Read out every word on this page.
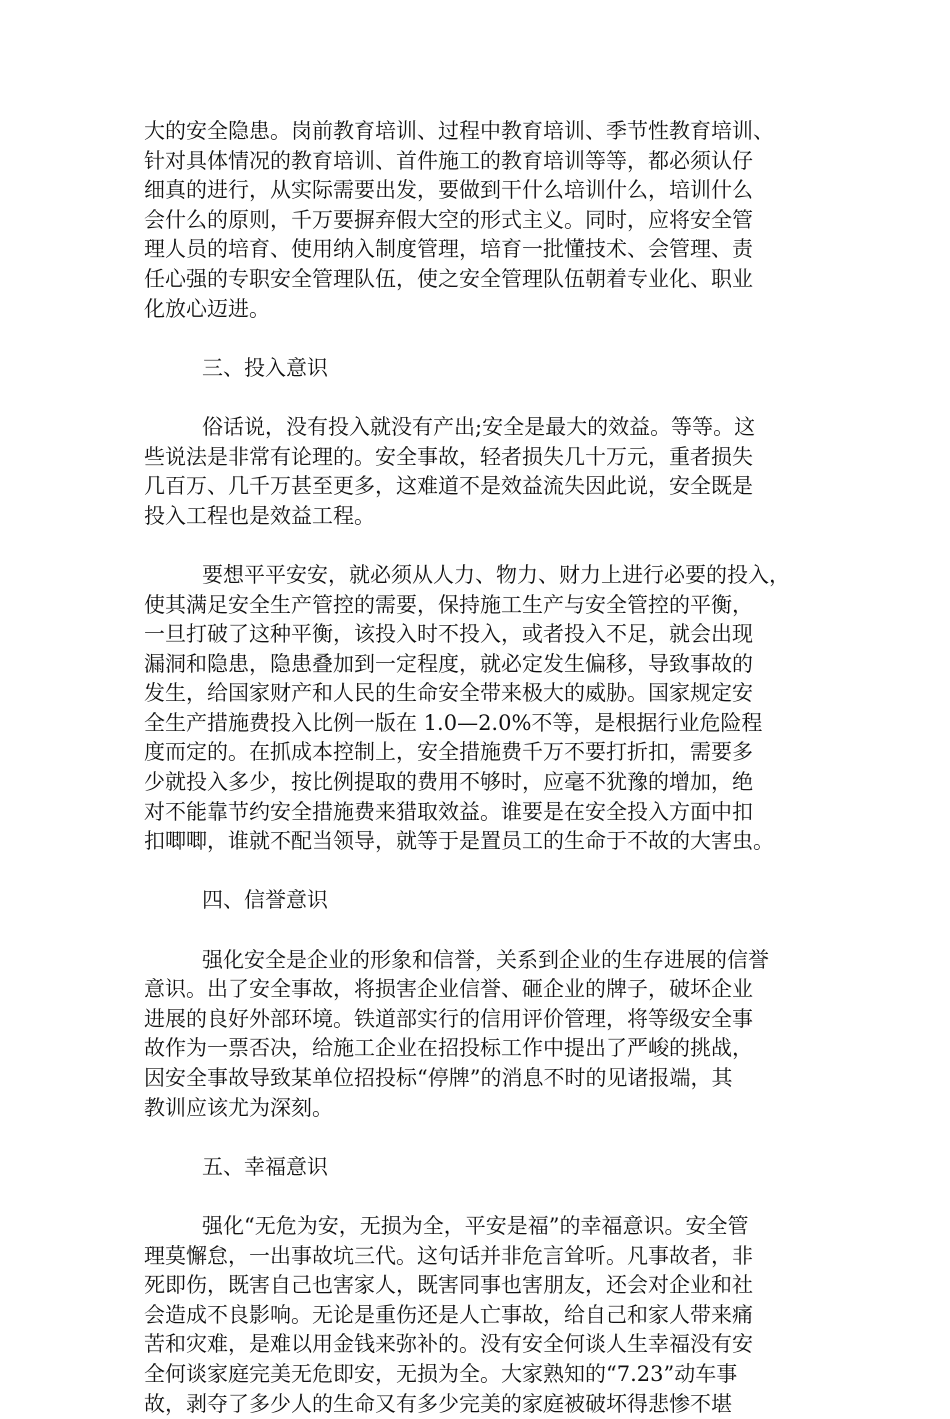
大的安全隐患。岗前教育培训、过程中教育培训、季节性教育培训、
针对具体情况的教育培训、首件施工的教育培训等等，都必须认仔
细真的进行，从实际需要出发，要做到干什么培训什么，培训什么
会什么的原则，千万要摒弃假大空的形式主义。同时，应将安全管
理人员的培育、使用纳入制度管理，培育一批懂技术、会管理、责
任心强的专职安全管理队伍，使之安全管理队伍朝着专业化、职业
化放心迈进。
三、投入意识
俗话说，没有投入就没有产出;安全是最大的效益。等等。这
些说法是非常有论理的。安全事故，轻者损失几十万元，重者损失
几百万、几千万甚至更多，这难道不是效益流失因此说，安全既是
投入工程也是效益工程。
要想平平安安，就必须从人力、物力、财力上进行必要的投入，
使其满足安全生产管控的需要，保持施工生产与安全管控的平衡，
一旦打破了这种平衡，该投入时不投入，或者投入不足，就会出现
漏洞和隐患，隐患叠加到一定程度，就必定发生偏移，导致事故的
发生，给国家财产和人民的生命安全带来极大的威胁。国家规定安
全生产措施费投入比例一版在 1.0—2.0%不等，是根据行业危险程
度而定的。在抓成本控制上，安全措施费千万不要打折扣，需要多
少就投入多少，按比例提取的费用不够时，应毫不犹豫的增加，绝
对不能靠节约安全措施费来猎取效益。谁要是在安全投入方面中扣
扣唧唧，谁就不配当领导，就等于是置员工的生命于不故的大害虫。
四、信誉意识
强化安全是企业的形象和信誉，关系到企业的生存进展的信誉
意识。出了安全事故，将损害企业信誉、砸企业的牌子，破坏企业
进展的良好外部环境。铁道部实行的信用评价管理，将等级安全事
故作为一票否决，给施工企业在招投标工作中提出了严峻的挑战，
因安全事故导致某单位招投标“停牌”的消息不时的见诸报端，其
教训应该尤为深刻。
五、幸福意识
强化“无危为安，无损为全，平安是福”的幸福意识。安全管
理莫懈怠，一出事故坑三代。这句话并非危言耸听。凡事故者，非
死即伤，既害自己也害家人，既害同事也害朋友，还会对企业和社
会造成不良影响。无论是重伤还是人亡事故，给自己和家人带来痛
苦和灾难，是难以用金钱来弥补的。没有安全何谈人生幸福没有安
全何谈家庭完美无危即安，无损为全。大家熟知的“7.23”动车事
故，剥夺了多少人的生命又有多少完美的家庭被破坏得悲惨不堪
